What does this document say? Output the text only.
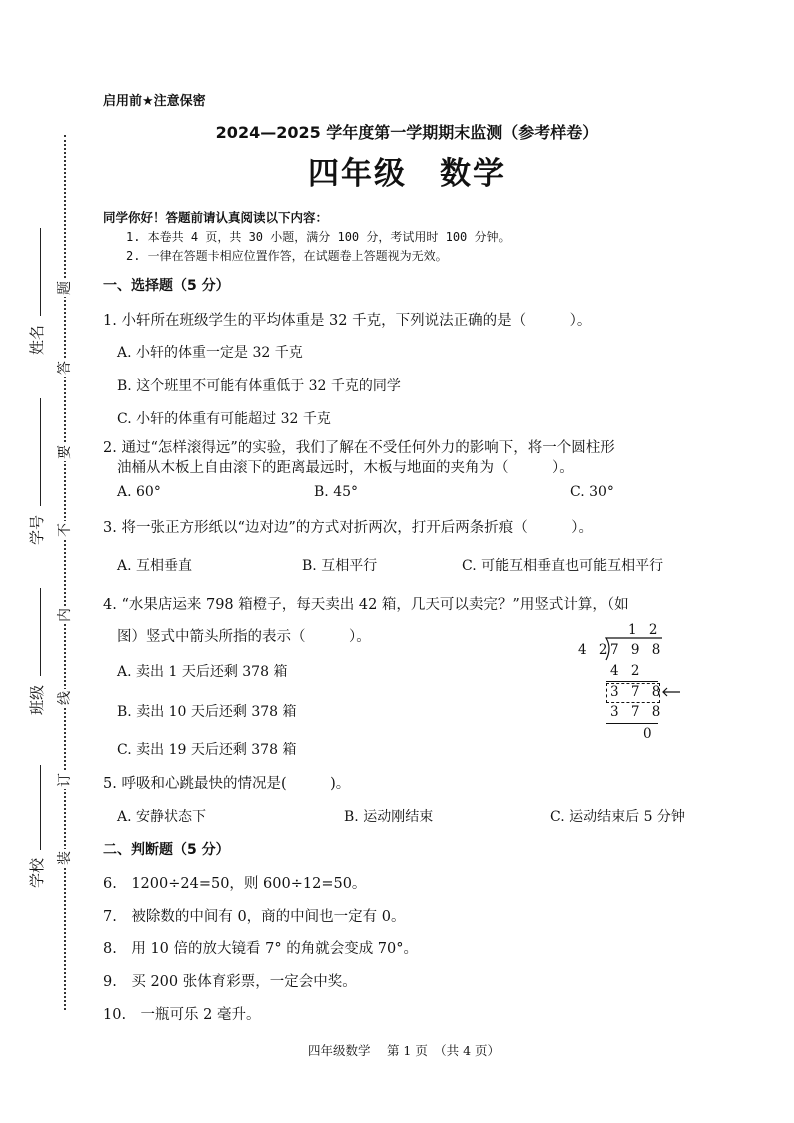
启用前★注意保密
2024—2025 学年度第一学期期末监测（参考样卷）
四年级　数学
同学你好！答题前请认真阅读以下内容：
1. 本卷共 4 页，共 30 小题，满分 100 分，考试用时 100 分钟。
2. 一律在答题卡相应位置作答，在试题卷上答题视为无效。
题
答
要
不
内
线
订
装
姓名
学号
班级
学校
一、选择题（5 分）
1. 小轩所在班级学生的平均体重是 32 千克，下列说法正确的是（　　　）。
A. 小轩的体重一定是 32 千克
B. 这个班里不可能有体重低于 32 千克的同学
C. 小轩的体重有可能超过 32 千克
2. 通过“怎样滚得远”的实验，我们了解在不受任何外力的影响下，将一个圆柱形
油桶从木板上自由滚下的距离最远时，木板与地面的夹角为（　　　）。
A. 60°	B. 45°	C. 30°
3. 将一张正方形纸以“边对边”的方式对折两次，打开后两条折痕（　　　）。
A. 互相垂直	B. 互相平行	C. 可能互相垂直也可能互相平行
4. “水果店运来 798 箱橙子，每天卖出 42 箱，几天可以卖完？”用竖式计算，（如
图）竖式中箭头所指的表示（　　　）。
A. 卖出 1 天后还剩 378 箱
B. 卖出 10 天后还剩 378 箱
C. 卖出 19 天后还剩 378 箱
1 2
4 2
7 9 8
4 2
3 7 8
3 7 8
0
5. 呼吸和心跳最快的情况是(　　　)。
A. 安静状态下	B. 运动刚结束	C. 运动结束后 5 分钟
二、判断题（5 分）
6.　1200÷24=50，则 600÷12=50。
7.　被除数的中间有 0，商的中间也一定有 0。
8.　用 10 倍的放大镜看 7° 的角就会变成 70°。
9.　买 200 张体育彩票，一定会中奖。
10.　一瓶可乐 2 毫升。
四年级数学　 第 1 页　（共 4 页）
